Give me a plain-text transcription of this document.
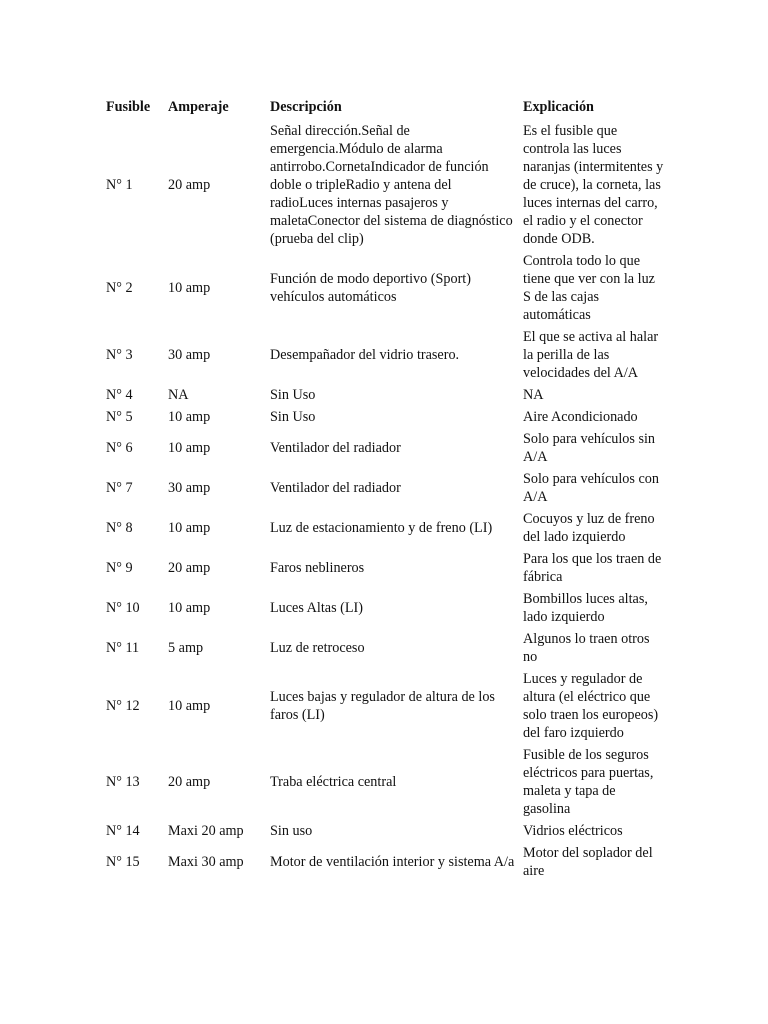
Fusible	Amperaje	Descripción	Explicación
N° 1	20 amp	Señal dirección.Señal de emergencia.Módulo de alarma antirrobo.CornetaIndicador de función doble o tripleRadio y antena del radioLuces internas pasajeros y maletaConector del sistema de diagnóstico (prueba del clip)	Es el fusible que controla las luces naranjas (intermitentes y de cruce), la corneta, las luces internas del carro, el radio y el conector donde ODB.
N° 2	10 amp	Función de modo deportivo (Sport) vehículos automáticos	Controla todo lo que tiene que ver con la luz S de las cajas automáticas
N° 3	30 amp	Desempañador del vidrio trasero.	El que se activa al halar la perilla de las velocidades del A/A
N° 4	NA	Sin Uso	NA
N° 5	10 amp	Sin Uso	Aire Acondicionado
N° 6	10 amp	Ventilador del radiador	Solo para vehículos sin A/A
N° 7	30 amp	Ventilador del radiador	Solo para vehículos con A/A
N° 8	10 amp	Luz de estacionamiento y de freno (LI)	Cocuyos y luz de freno del lado izquierdo
N° 9	20 amp	Faros neblineros	Para los que los traen de fábrica
N° 10	10 amp	Luces Altas (LI)	Bombillos luces altas, lado izquierdo
N° 11	5 amp	Luz de retroceso	Algunos lo traen otros no
N° 12	10 amp	Luces bajas y regulador de altura de los faros (LI)	Luces y regulador de altura (el eléctrico que solo traen los europeos) del faro izquierdo
N° 13	20 amp	Traba eléctrica central	Fusible de los seguros eléctricos para puertas, maleta y tapa de gasolina
N° 14	Maxi 20 amp	Sin uso	Vidrios eléctricos
N° 15	Maxi 30 amp	Motor de ventilación interior y sistema A/a	Motor del soplador del aire
